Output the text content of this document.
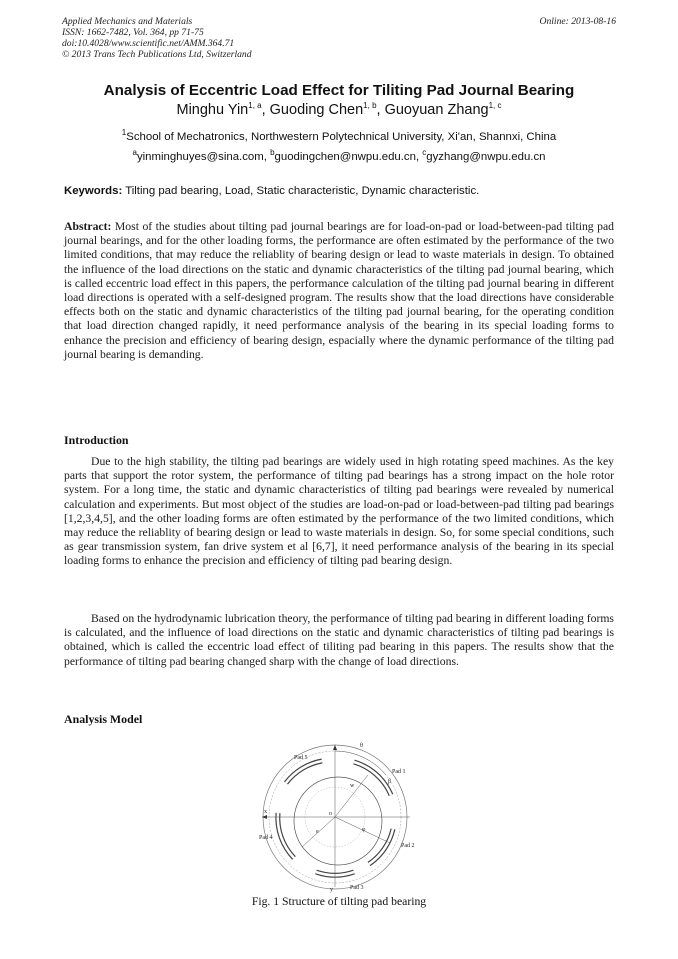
Applied Mechanics and Materials
ISSN: 1662-7482, Vol. 364, pp 71-75
doi:10.4028/www.scientific.net/AMM.364.71
© 2013 Trans Tech Publications Ltd, Switzerland
Online: 2013-08-16
Analysis of Eccentric Load Effect for Tiliting Pad Journal Bearing
Minghu Yin$^{1, a}$, Guoding Chen$^{1, b}$, Guoyuan Zhang$^{1, c}$
$^1$School of Mechatronics, Northwestern Polytechnical University, Xi'an, Shannxi, China
$^a$yinminghuyes@sina.com, $^b$guodingchen@nwpu.edu.cn, $^c$gyzhang@nwpu.edu.cn
Keywords: Tilting pad bearing, Load, Static characteristic, Dynamic characteristic.
Abstract: Most of the studies about tilting pad journal bearings are for load-on-pad or load-between-pad tilting pad journal bearings, and for the other loading forms, the performance are often estimated by the performance of the two limited conditions, that may reduce the reliablity of bearing design or lead to waste materials in design. To obtained the influence of the load directions on the static and dynamic characteristics of the tilting pad journal bearing, which is called eccentric load effect in this papers, the performance calculation of the tilting pad journal bearing in different load directions is operated with a self-designed program. The results show that the load directions have considerable effects both on the static and dynamic characteristics of the tilting pad journal bearing, for the operating condition that load direction changed rapidly, it need performance analysis of the bearing in its special loading forms to enhance the precision and efficiency of bearing design, espacially where the dynamic performance of the tilting pad journal bearing is demanding.
Introduction
Due to the high stability, the tilting pad bearings are widely used in high rotating speed machines. As the key parts that support the rotor system, the performance of tilting pad bearings has a strong impact on the hole rotor system. For a long time, the static and dynamic characteristics of tilting pad bearings were revealed by numerical calculation and experiments. But most object of the studies are load-on-pad or load-between-pad tilting pad bearings [1,2,3,4,5], and the other loading forms are often estimated by the performance of the two limited conditions, which may reduce the reliablity of bearing design or lead to waste materials in design. So, for some special conditions, such as gear transmission system, fan drive system et al [6,7], it need performance analysis of the bearing in its special loading forms to enhance the precision and efficiency of tilting pad bearing design.
Based on the hydrodynamic lubrication theory, the performance of tilting pad bearing in different loading forms is calculated, and the influence of load directions on the static and dynamic characteristics of tilting pad bearings is obtained, which is called the eccentric load effect of tiliting pad bearing in this papers. The results show that the performance of tilting pad bearing changed sharp with the change of load directions.
Analysis Model
Pad 5
Pad 1
Pad 2
Pad 3
Pad 4
θ
β
x
y
o
w
e	φ
Fig. 1 Structure of tilting pad bearing
